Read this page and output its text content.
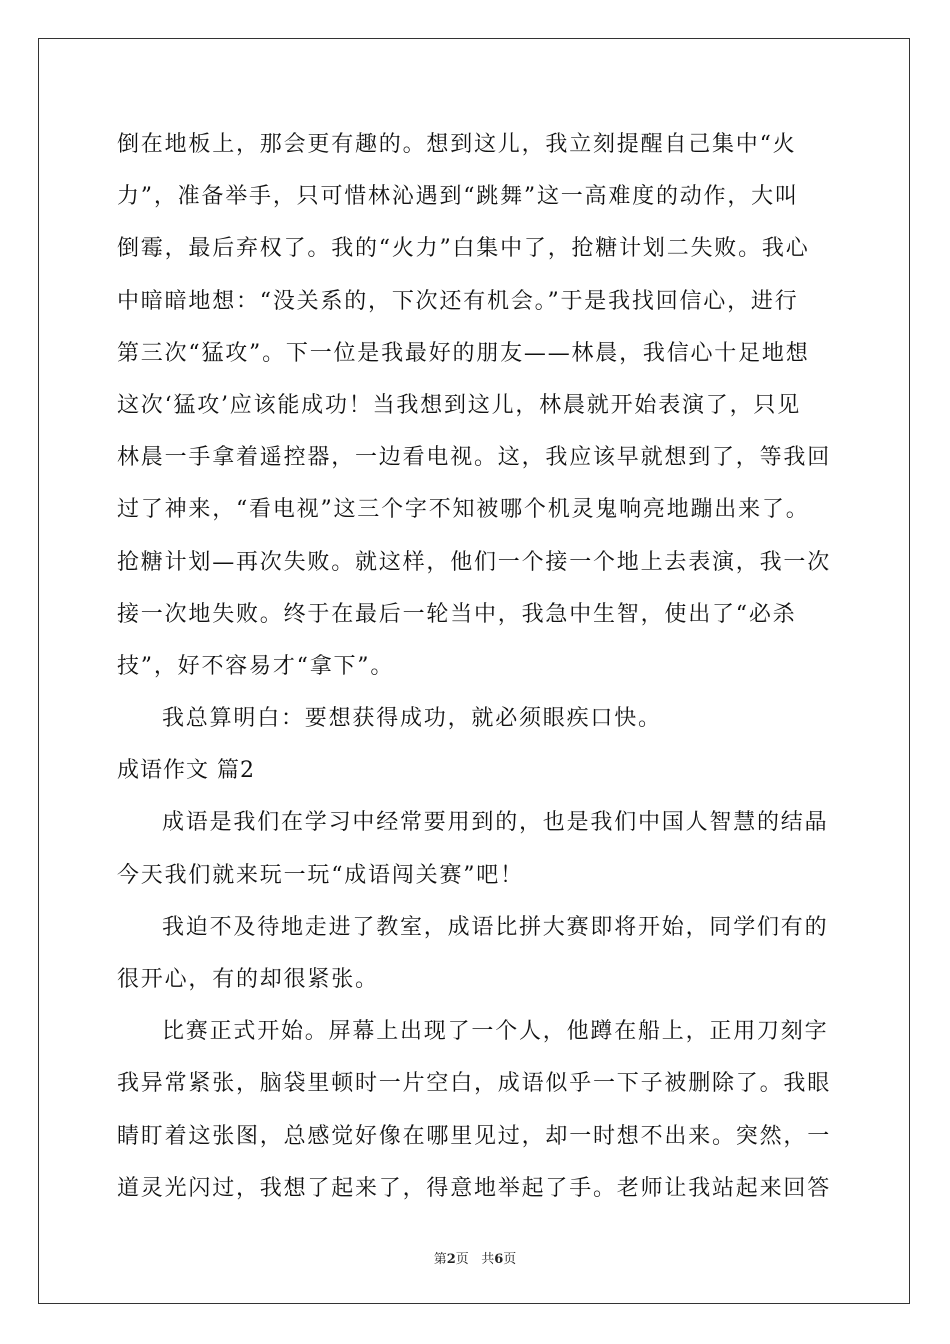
倒在地板上，那会更有趣的。想到这儿，我立刻提醒自己集中“火
力”，准备举手，只可惜林沁遇到“跳舞”这一高难度的动作，大叫
倒霉，最后弃权了。我的“火力”白集中了，抢糖计划二失败。我心
中暗暗地想：“没关系的，下次还有机会。”于是我找回信心，进行
第三次“猛攻”。下一位是我最好的朋友——林晨，我信心十足地想
这次‘猛攻’应该能成功！当我想到这儿，林晨就开始表演了，只见
林晨一手拿着遥控器，一边看电视。这，我应该早就想到了，等我回
过了神来，“看电视”这三个字不知被哪个机灵鬼响亮地蹦出来了。
抢糖计划—再次失败。就这样，他们一个接一个地上去表演，我一次
接一次地失败。终于在最后一轮当中，我急中生智，使出了“必杀
技”，好不容易才“拿下”。
我总算明白：要想获得成功，就必须眼疾口快。
成语作文 篇2
成语是我们在学习中经常要用到的，也是我们中国人智慧的结晶
今天我们就来玩一玩“成语闯关赛”吧！
我迫不及待地走进了教室，成语比拼大赛即将开始，同学们有的
很开心，有的却很紧张。
比赛正式开始。屏幕上出现了一个人，他蹲在船上，正用刀刻字
我异常紧张，脑袋里顿时一片空白，成语似乎一下子被删除了。我眼
睛盯着这张图，总感觉好像在哪里见过，却一时想不出来。突然，一
道灵光闪过，我想了起来了，得意地举起了手。老师让我站起来回答
第2页 共6页
